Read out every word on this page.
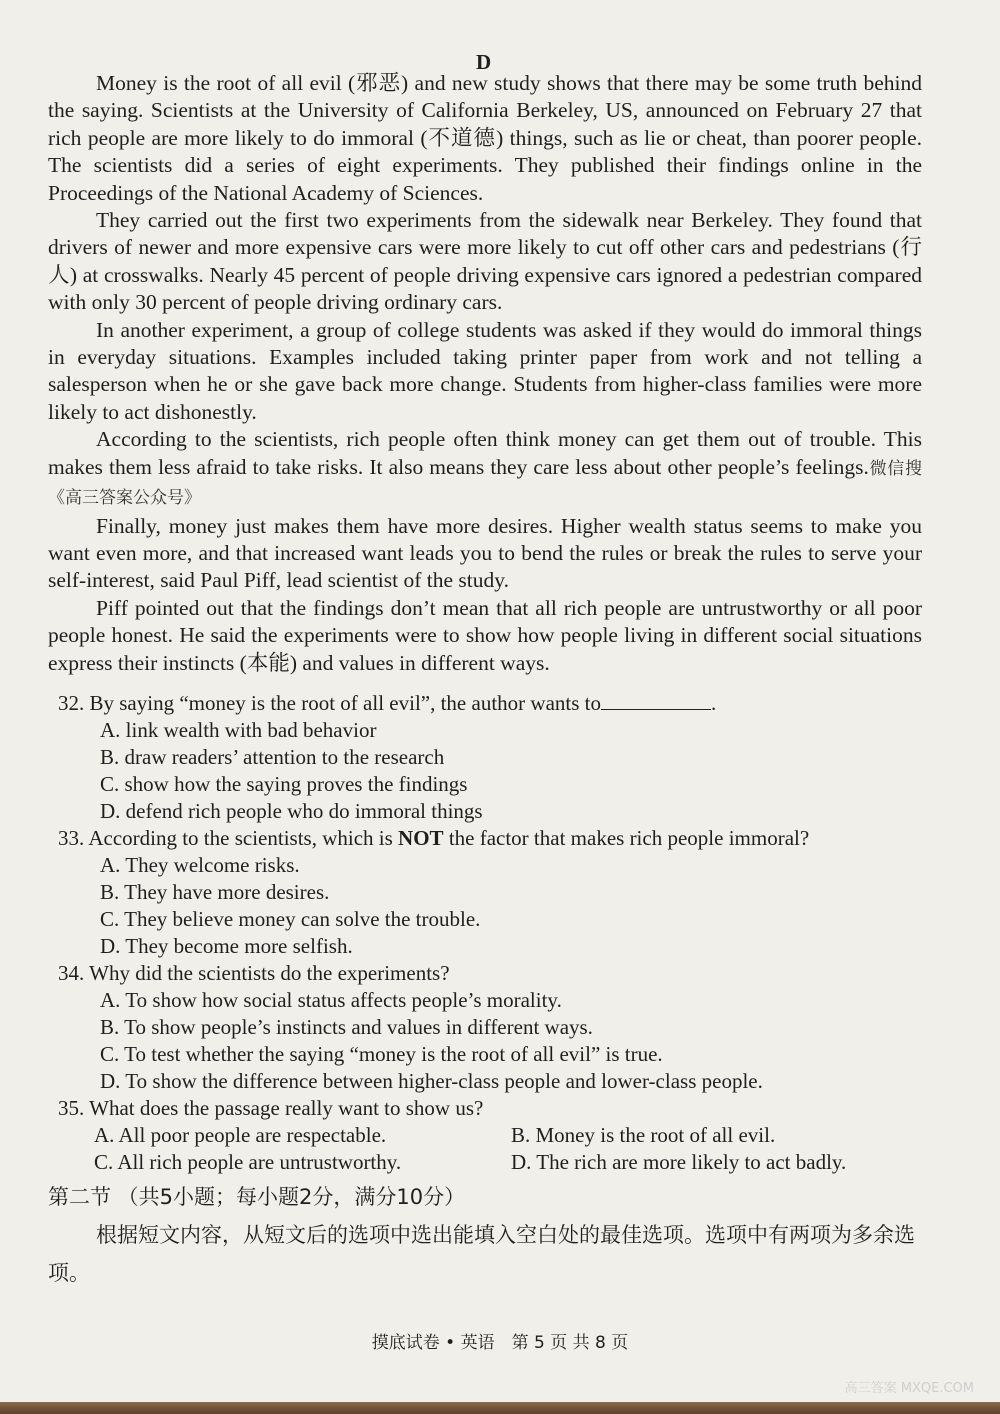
D

Money is the root of all evil (邪恶) and new study shows that there may be some truth behind the saying. Scientists at the University of California Berkeley, US, announced on February 27 that rich people are more likely to do immoral (不道德) things, such as lie or cheat, than poorer people. The scientists did a series of eight experiments. They published their findings online in the Proceedings of the National Academy of Sciences.

They carried out the first two experiments from the sidewalk near Berkeley. They found that drivers of newer and more expensive cars were more likely to cut off other cars and pedestrians (行人) at crosswalks. Nearly 45 percent of people driving expensive cars ignored a pedestrian compared with only 30 percent of people driving ordinary cars.

In another experiment, a group of college students was asked if they would do immoral things in everyday situations. Examples included taking printer paper from work and not telling a salesperson when he or she gave back more change. Students from higher-class families were more likely to act dishonestly.

According to the scientists, rich people often think money can get them out of trouble. This makes them less afraid to take risks. It also means they care less about other people’s feelings.微信搜《高三答案公众号》

Finally, money just makes them have more desires. Higher wealth status seems to make you want even more, and that increased want leads you to bend the rules or break the rules to serve your self-interest, said Paul Piff, lead scientist of the study.

Piff pointed out that the findings don’t mean that all rich people are untrustworthy or all poor people honest. He said the experiments were to show how people living in different social situations express their instincts (本能) and values in different ways.

32. By saying “money is the root of all evil”, the author wants to	.
A. link wealth with bad behavior
B. draw readers’ attention to the research
C. show how the saying proves the findings
D. defend rich people who do immoral things
33. According to the scientists, which is NOT the factor that makes rich people immoral?
A. They welcome risks.
B. They have more desires.
C. They believe money can solve the trouble.
D. They become more selfish.
34. Why did the scientists do the experiments?
A. To show how social status affects people’s morality.
B. To show people’s instincts and values in different ways.
C. To test whether the saying “money is the root of all evil” is true.
D. To show the difference between higher-class people and lower-class people.
35. What does the passage really want to show us?
A. All poor people are respectable.	B. Money is the root of all evil.
C. All rich people are untrustworthy.	D. The rich are more likely to act badly.

第二节 （共5小题；每小题2分，满分10分）

根据短文内容，从短文后的选项中选出能填入空白处的最佳选项。选项中有两项为多余选项。

摸底试卷 • 英语　第 5 页 共 8 页
高三答案 MXQE.COM
